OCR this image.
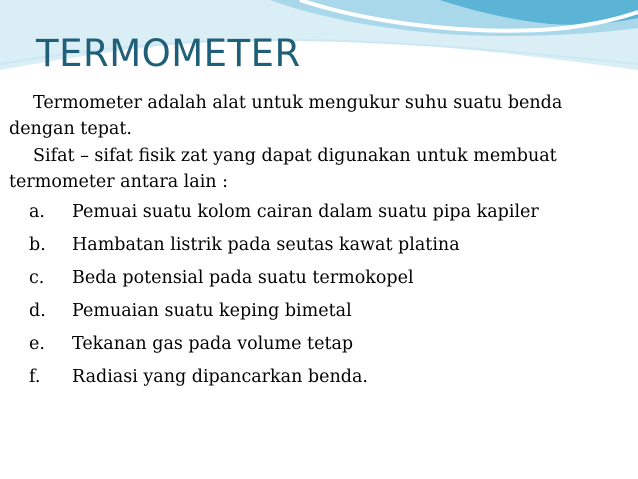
TERMOMETER

Termometer adalah alat untuk mengukur suhu suatu benda dengan tepat.

Sifat – sifat fisik zat yang dapat digunakan untuk membuat termometer antara lain :

a. Pemuai suatu kolom cairan dalam suatu pipa kapiler
b. Hambatan listrik pada seutas kawat platina
c. Beda potensial pada suatu termokopel
d. Pemuaian suatu keping bimetal
e. Tekanan gas pada volume tetap
f. Radiasi yang dipancarkan benda.
